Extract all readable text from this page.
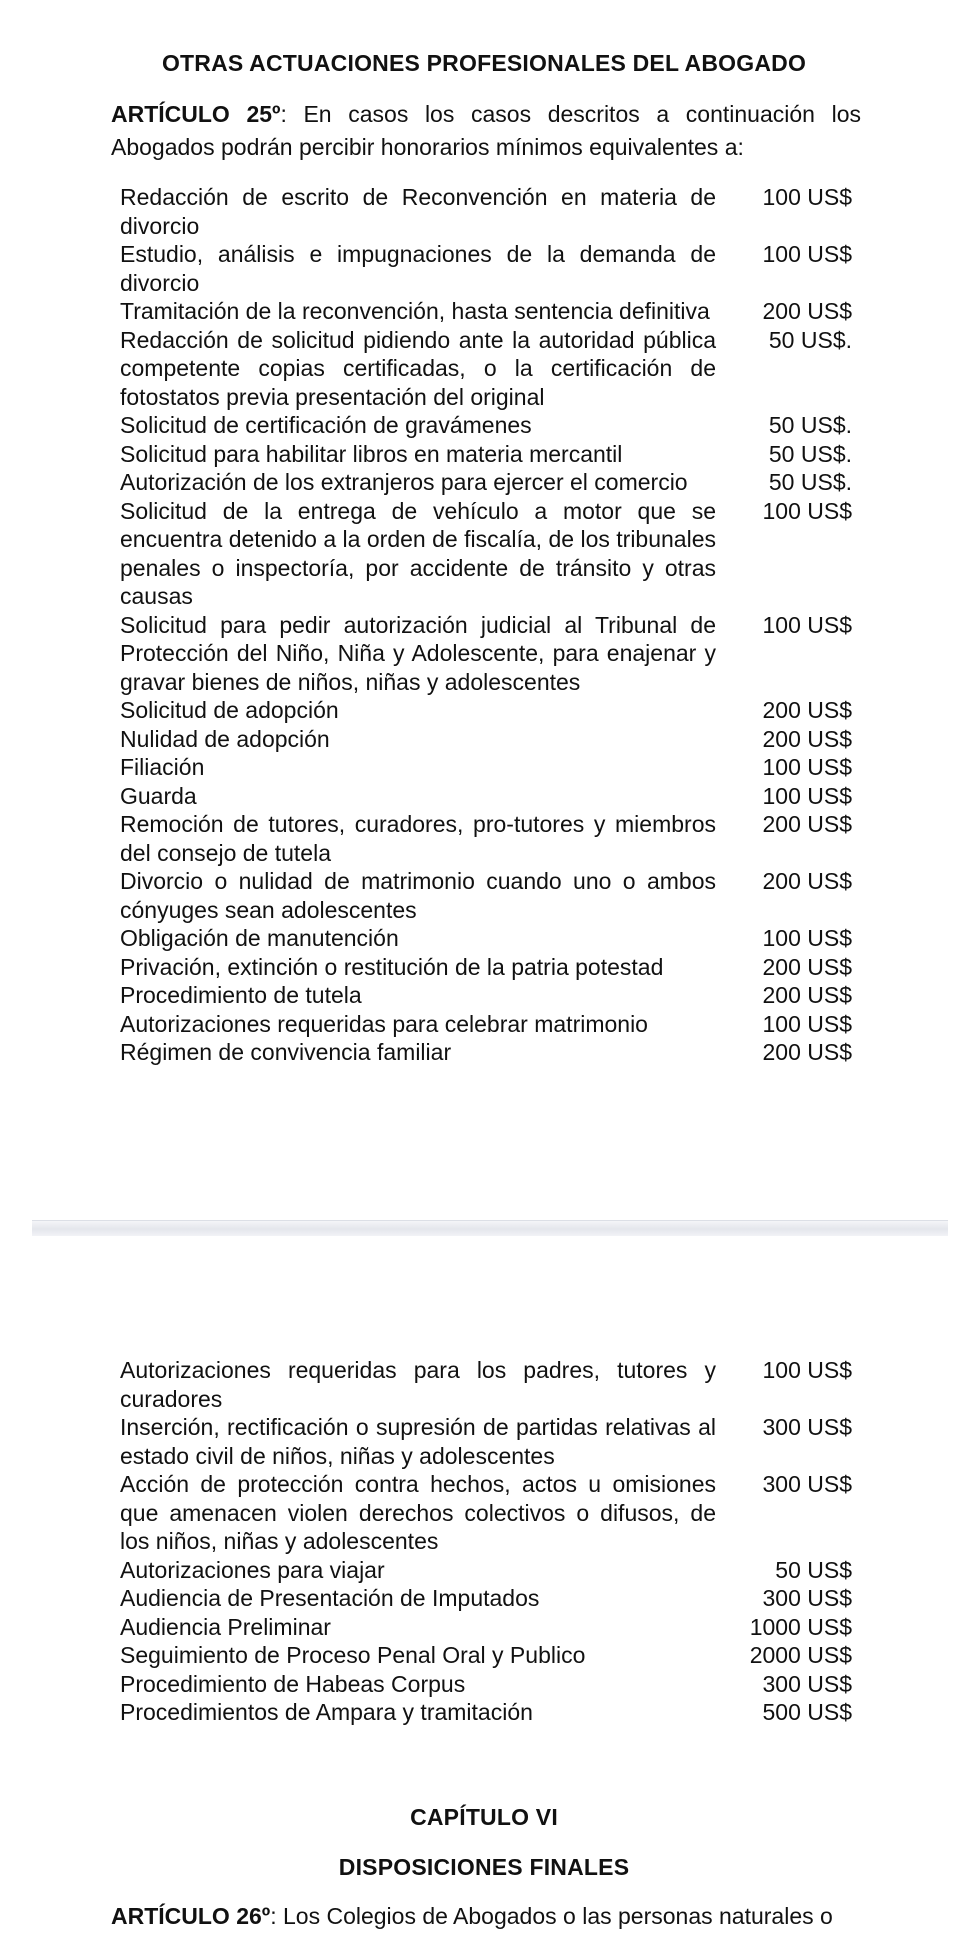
OTRAS ACTUACIONES PROFESIONALES DEL ABOGADO
ARTÍCULO 25º: En casos los casos descritos a continuación los Abogados podrán percibir honorarios mínimos equivalentes a:
Redacción de escrito de Reconvención en materia de divorcio	100 US$
Estudio, análisis e impugnaciones de la demanda de divorcio	100 US$
Tramitación de la reconvención, hasta sentencia definitiva	200 US$
Redacción de solicitud pidiendo ante la autoridad pública competente copias certificadas, o la certificación de fotostatos previa presentación del original	50 US$.
Solicitud de certificación de gravámenes	50 US$.
Solicitud para habilitar libros en materia mercantil	50 US$.
Autorización de los extranjeros para ejercer el comercio	50 US$.
Solicitud de la entrega de vehículo a motor que se encuentra detenido a la orden de fiscalía, de los tribunales penales o inspectoría, por accidente de tránsito y otras causas	100 US$
Solicitud para pedir autorización judicial al Tribunal de Protección del Niño, Niña y Adolescente, para enajenar y gravar bienes de niños, niñas y adolescentes	100 US$
Solicitud de adopción	200 US$
Nulidad de adopción	200 US$
Filiación	100 US$
Guarda	100 US$
Remoción de tutores, curadores, pro-tutores y miembros del consejo de tutela	200 US$
Divorcio o nulidad de matrimonio cuando uno o ambos cónyuges sean adolescentes	200 US$
Obligación de manutención	100 US$
Privación, extinción o restitución de la patria potestad	200 US$
Procedimiento de tutela	200 US$
Autorizaciones requeridas para celebrar matrimonio	100 US$
Régimen de convivencia familiar	200 US$
Autorizaciones requeridas para los padres, tutores y curadores	100 US$
Inserción, rectificación o supresión de partidas relativas al estado civil de niños, niñas y adolescentes	300 US$
Acción de protección contra hechos, actos u omisiones que amenacen violen derechos colectivos o difusos, de los niños, niñas y adolescentes	300 US$
Autorizaciones para viajar	50 US$
Audiencia de Presentación de Imputados	300 US$
Audiencia Preliminar	1000 US$
Seguimiento de Proceso Penal Oral y Publico	2000 US$
Procedimiento de Habeas Corpus	300 US$
Procedimientos de Ampara y tramitación	500 US$
CAPÍTULO VI
DISPOSICIONES FINALES
ARTÍCULO 26º: Los Colegios de Abogados o las personas naturales o
